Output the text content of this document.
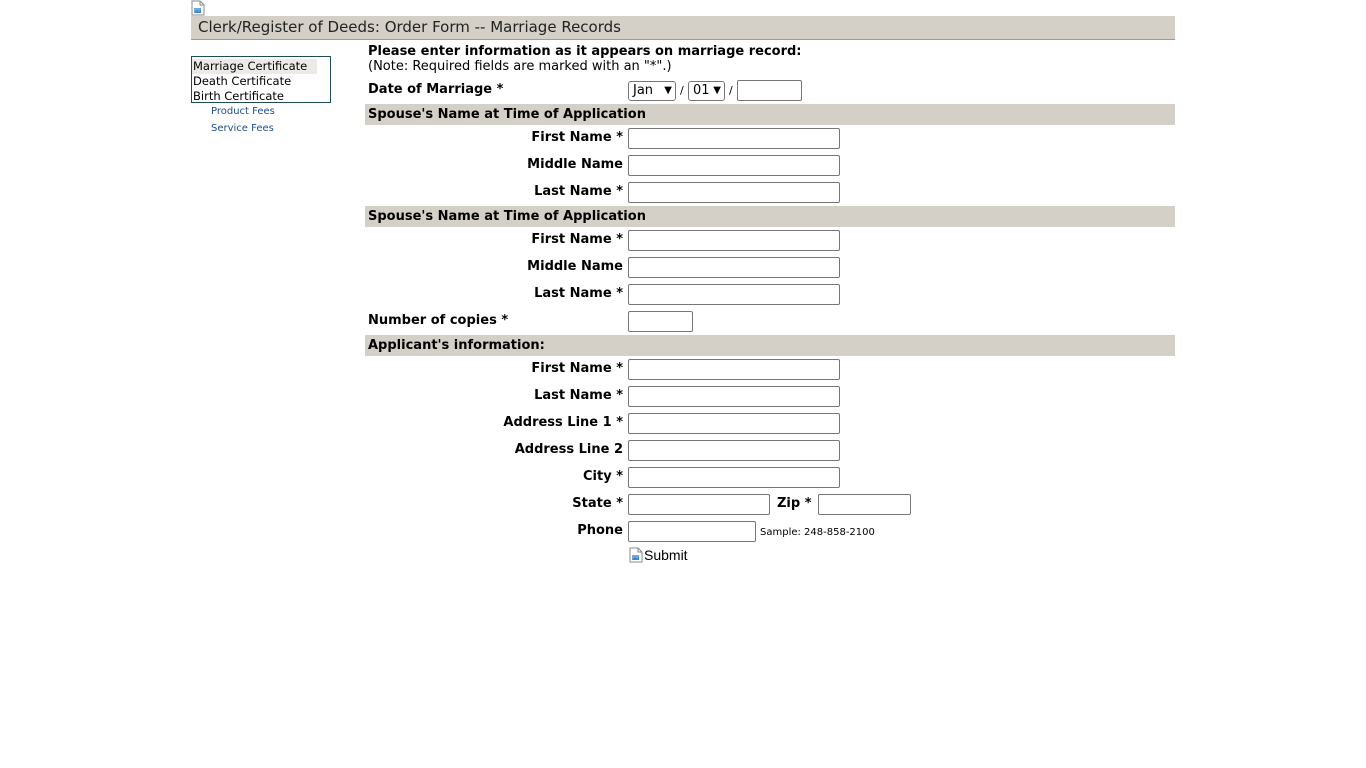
Clerk/Register of Deeds: Order Form -- Marriage Records
Marriage Certificate
Death Certificate
Birth Certificate
Product Fees
Service Fees
Please enter information as it appears on marriage record:
(Note: Required fields are marked with an "*".)
Date of Marriage *	Jan ▼ / 01 ▼ /
Spouse's Name at Time of Application
First Name *
Middle Name
Last Name *
Spouse's Name at Time of Application
First Name *
Middle Name
Last Name *
Number of copies *
Applicant's information:
First Name *
Last Name *
Address Line 1 *
Address Line 2
City *
State *	Zip *
Phone	Sample: 248-858-2100
Submit
